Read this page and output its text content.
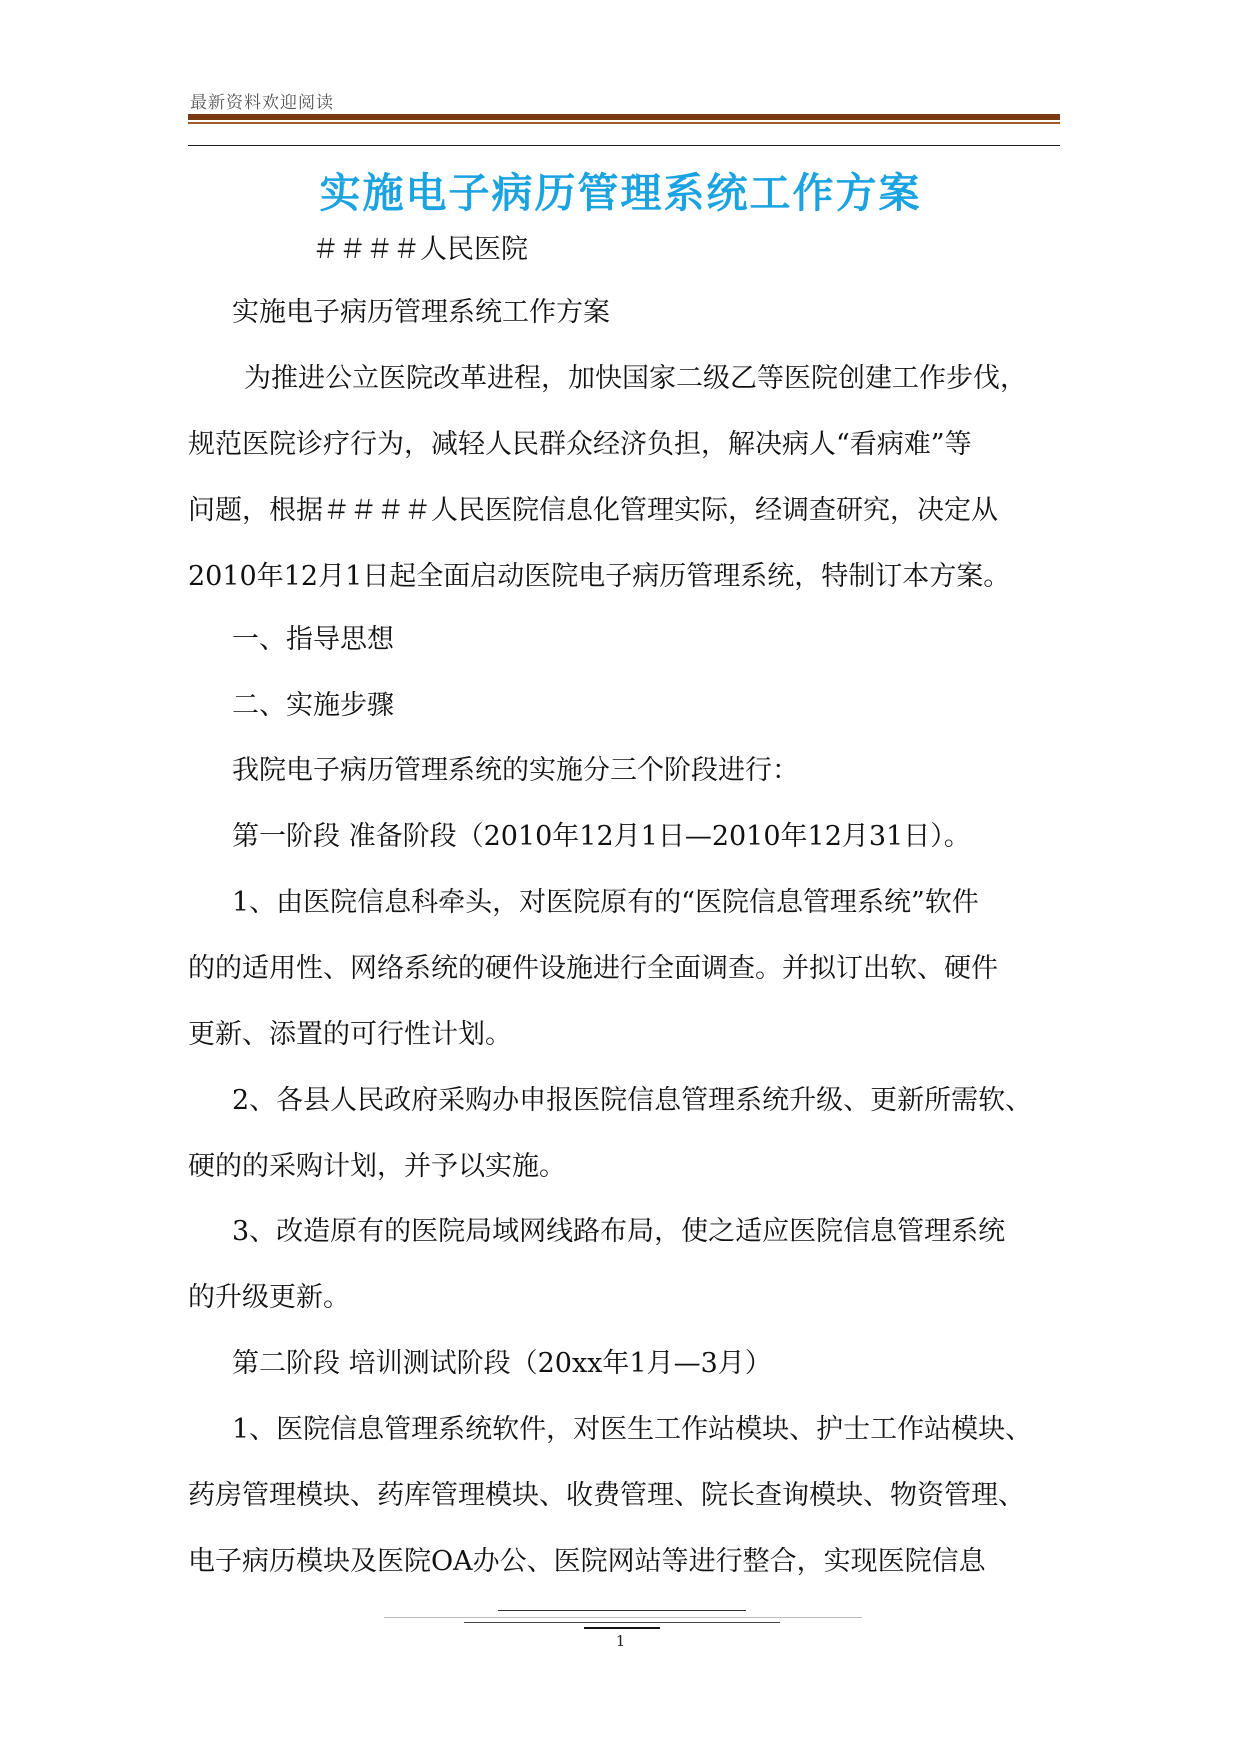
最新资料欢迎阅读
实施电子病历管理系统工作方案
＃＃＃＃人民医院
实施电子病历管理系统工作方案
为推进公立医院改革进程，加快国家二级乙等医院创建工作步伐，
规范医院诊疗行为，减轻人民群众经济负担，解决病人“看病难”等
问题，根据＃＃＃＃人民医院信息化管理实际，经调查研究，决定从
2010年12月1日起全面启动医院电子病历管理系统，特制订本方案。
一、指导思想
二、实施步骤
我院电子病历管理系统的实施分三个阶段进行：
第一阶段 准备阶段（2010年12月1日—2010年12月31日）。
1、由医院信息科牵头，对医院原有的“医院信息管理系统”软件
的的适用性、网络系统的硬件设施进行全面调查。并拟订出软、硬件
更新、添置的可行性计划。
2、各县人民政府采购办申报医院信息管理系统升级、更新所需软、
硬的的采购计划，并予以实施。
3、改造原有的医院局域网线路布局，使之适应医院信息管理系统
的升级更新。
第二阶段 培训测试阶段（20xx年1月—3月）
1、医院信息管理系统软件，对医生工作站模块、护士工作站模块、
药房管理模块、药库管理模块、收费管理、院长查询模块、物资管理、
电子病历模块及医院OA办公、医院网站等进行整合，实现医院信息
1
